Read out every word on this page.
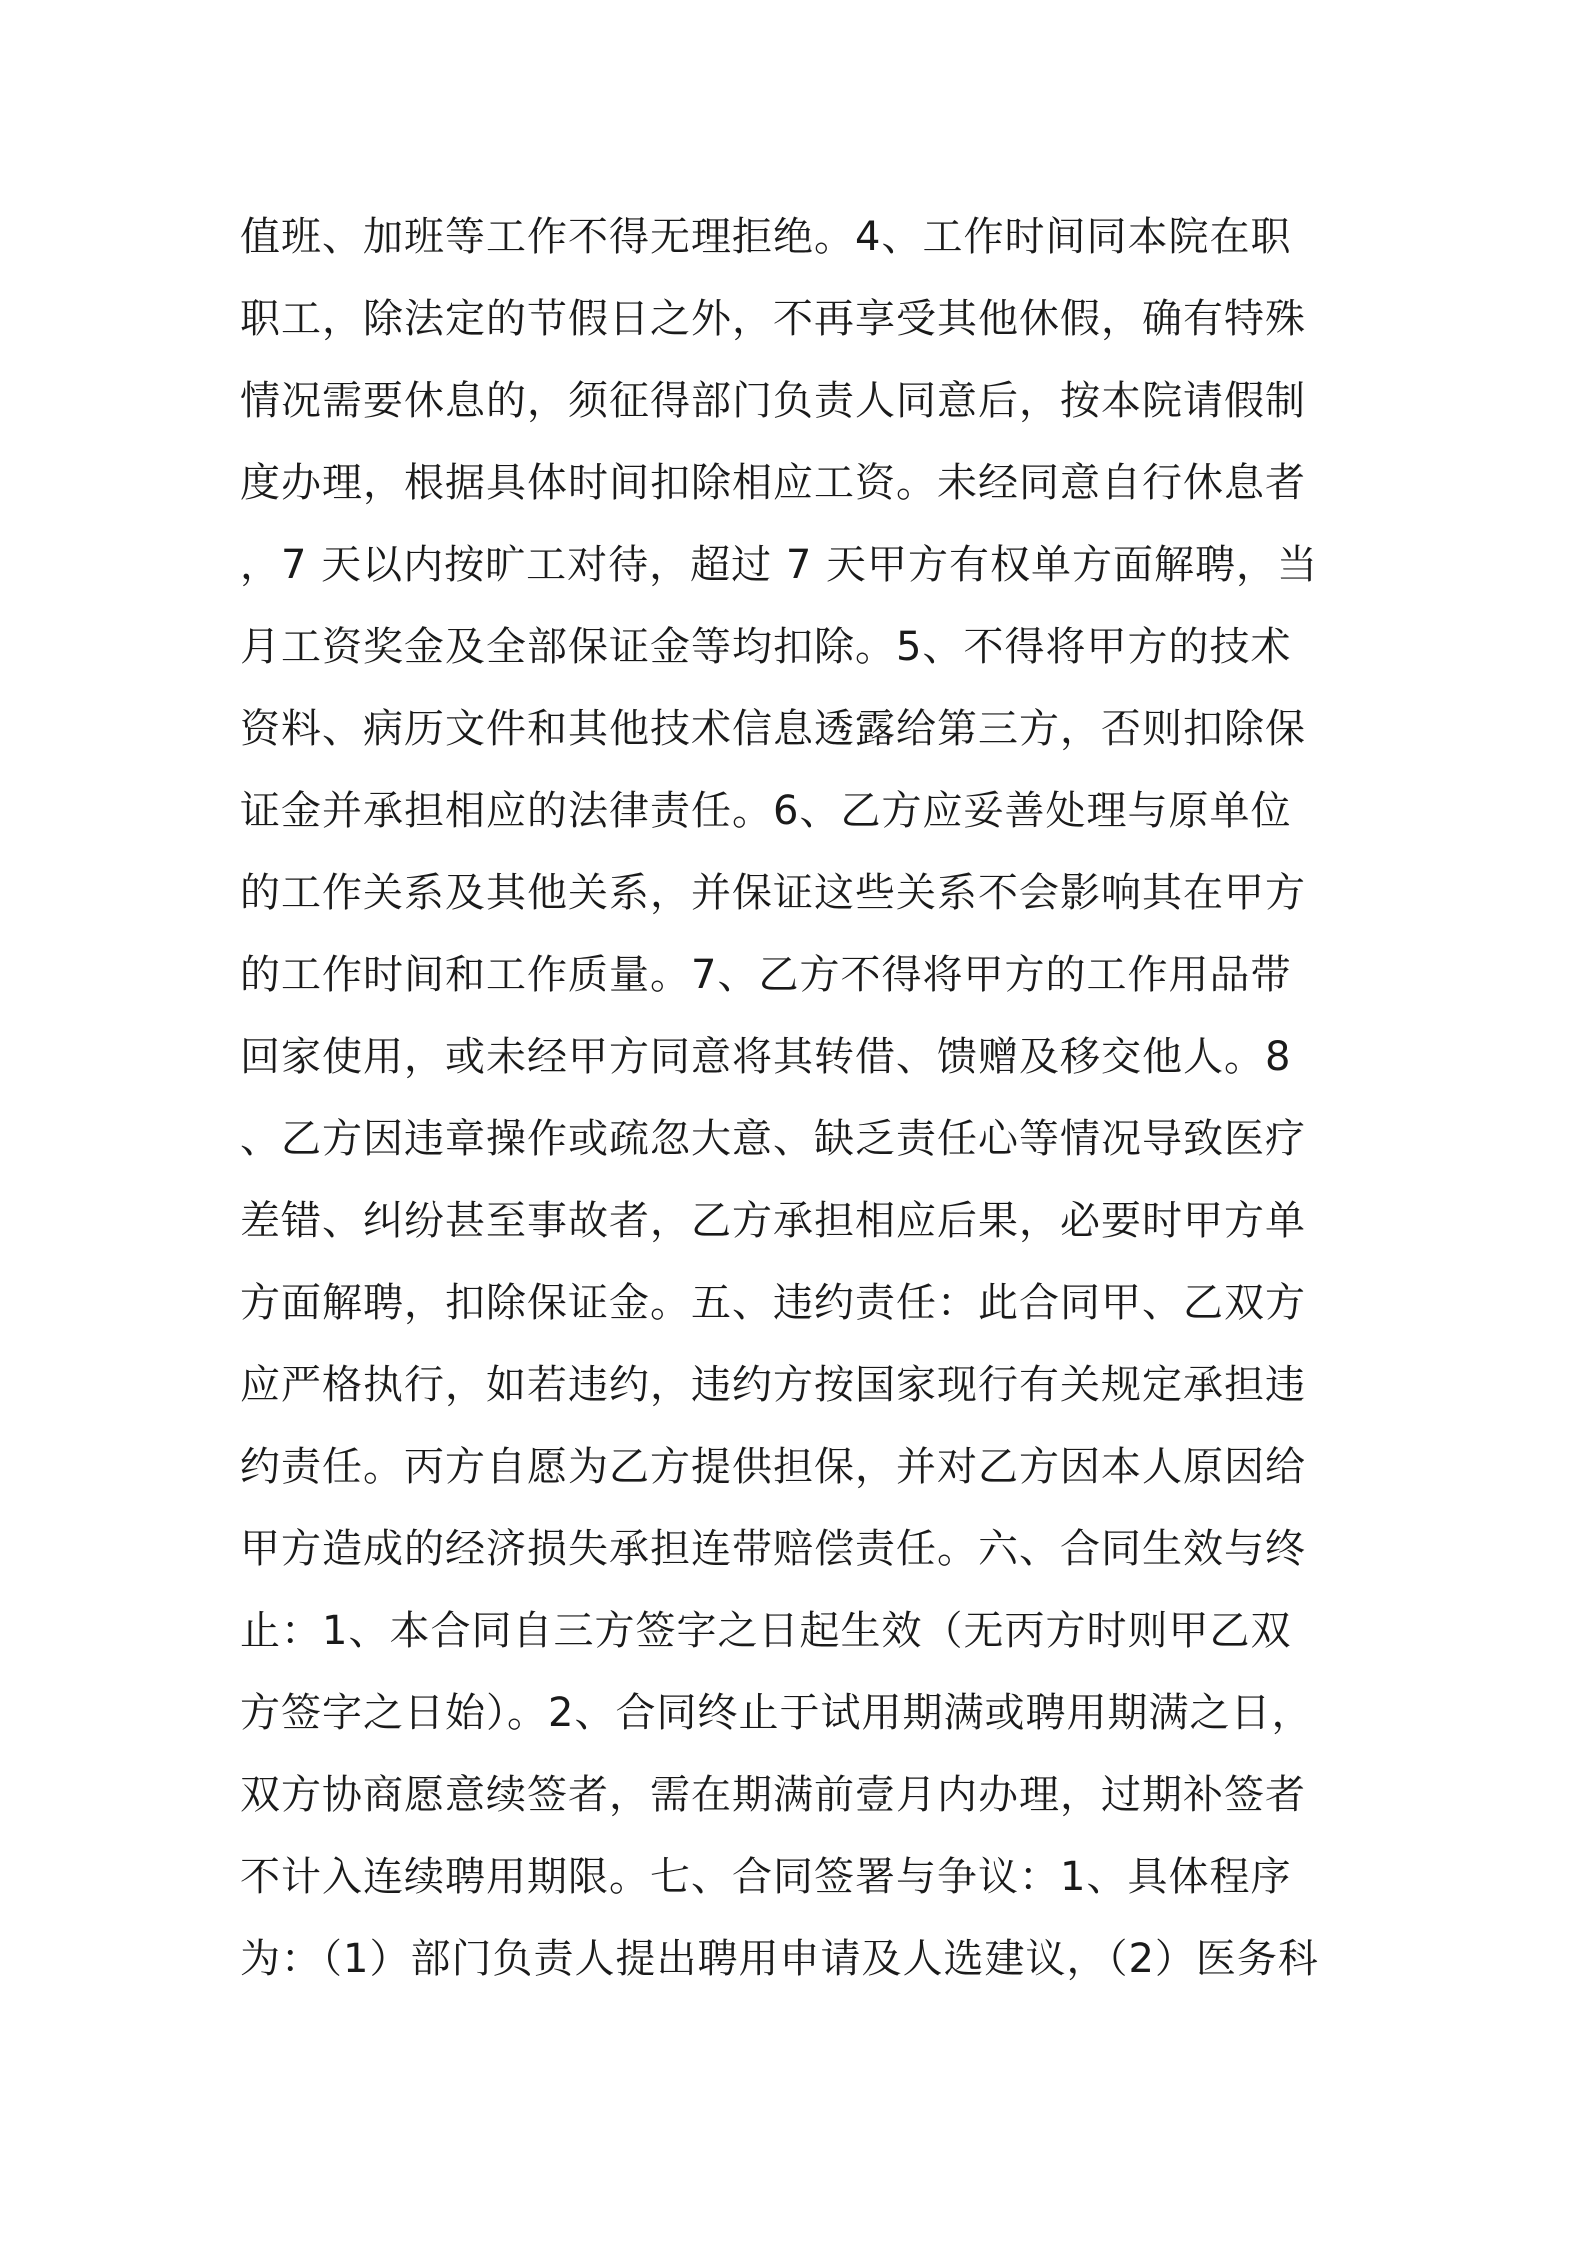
值班、加班等工作不得无理拒绝。4、工作时间同本院在职
职工，除法定的节假日之外，不再享受其他休假，确有特殊
情况需要休息的，须征得部门负责人同意后，按本院请假制
度办理，根据具体时间扣除相应工资。未经同意自行休息者
，7 天以内按旷工对待，超过 7 天甲方有权单方面解聘，当
月工资奖金及全部保证金等均扣除。5、不得将甲方的技术
资料、病历文件和其他技术信息透露给第三方，否则扣除保
证金并承担相应的法律责任。6、乙方应妥善处理与原单位
的工作关系及其他关系，并保证这些关系不会影响其在甲方
的工作时间和工作质量。7、乙方不得将甲方的工作用品带
回家使用，或未经甲方同意将其转借、馈赠及移交他人。8
、乙方因违章操作或疏忽大意、缺乏责任心等情况导致医疗
差错、纠纷甚至事故者，乙方承担相应后果，必要时甲方单
方面解聘，扣除保证金。五、违约责任：此合同甲、乙双方
应严格执行，如若违约，违约方按国家现行有关规定承担违
约责任。丙方自愿为乙方提供担保，并对乙方因本人原因给
甲方造成的经济损失承担连带赔偿责任。六、合同生效与终
止：1、本合同自三方签字之日起生效（无丙方时则甲乙双
方签字之日始）。2、合同终止于试用期满或聘用期满之日，
双方协商愿意续签者，需在期满前壹月内办理，过期补签者
不计入连续聘用期限。七、合同签署与争议：1、具体程序
为：（1）部门负责人提出聘用申请及人选建议，（2）医务科
